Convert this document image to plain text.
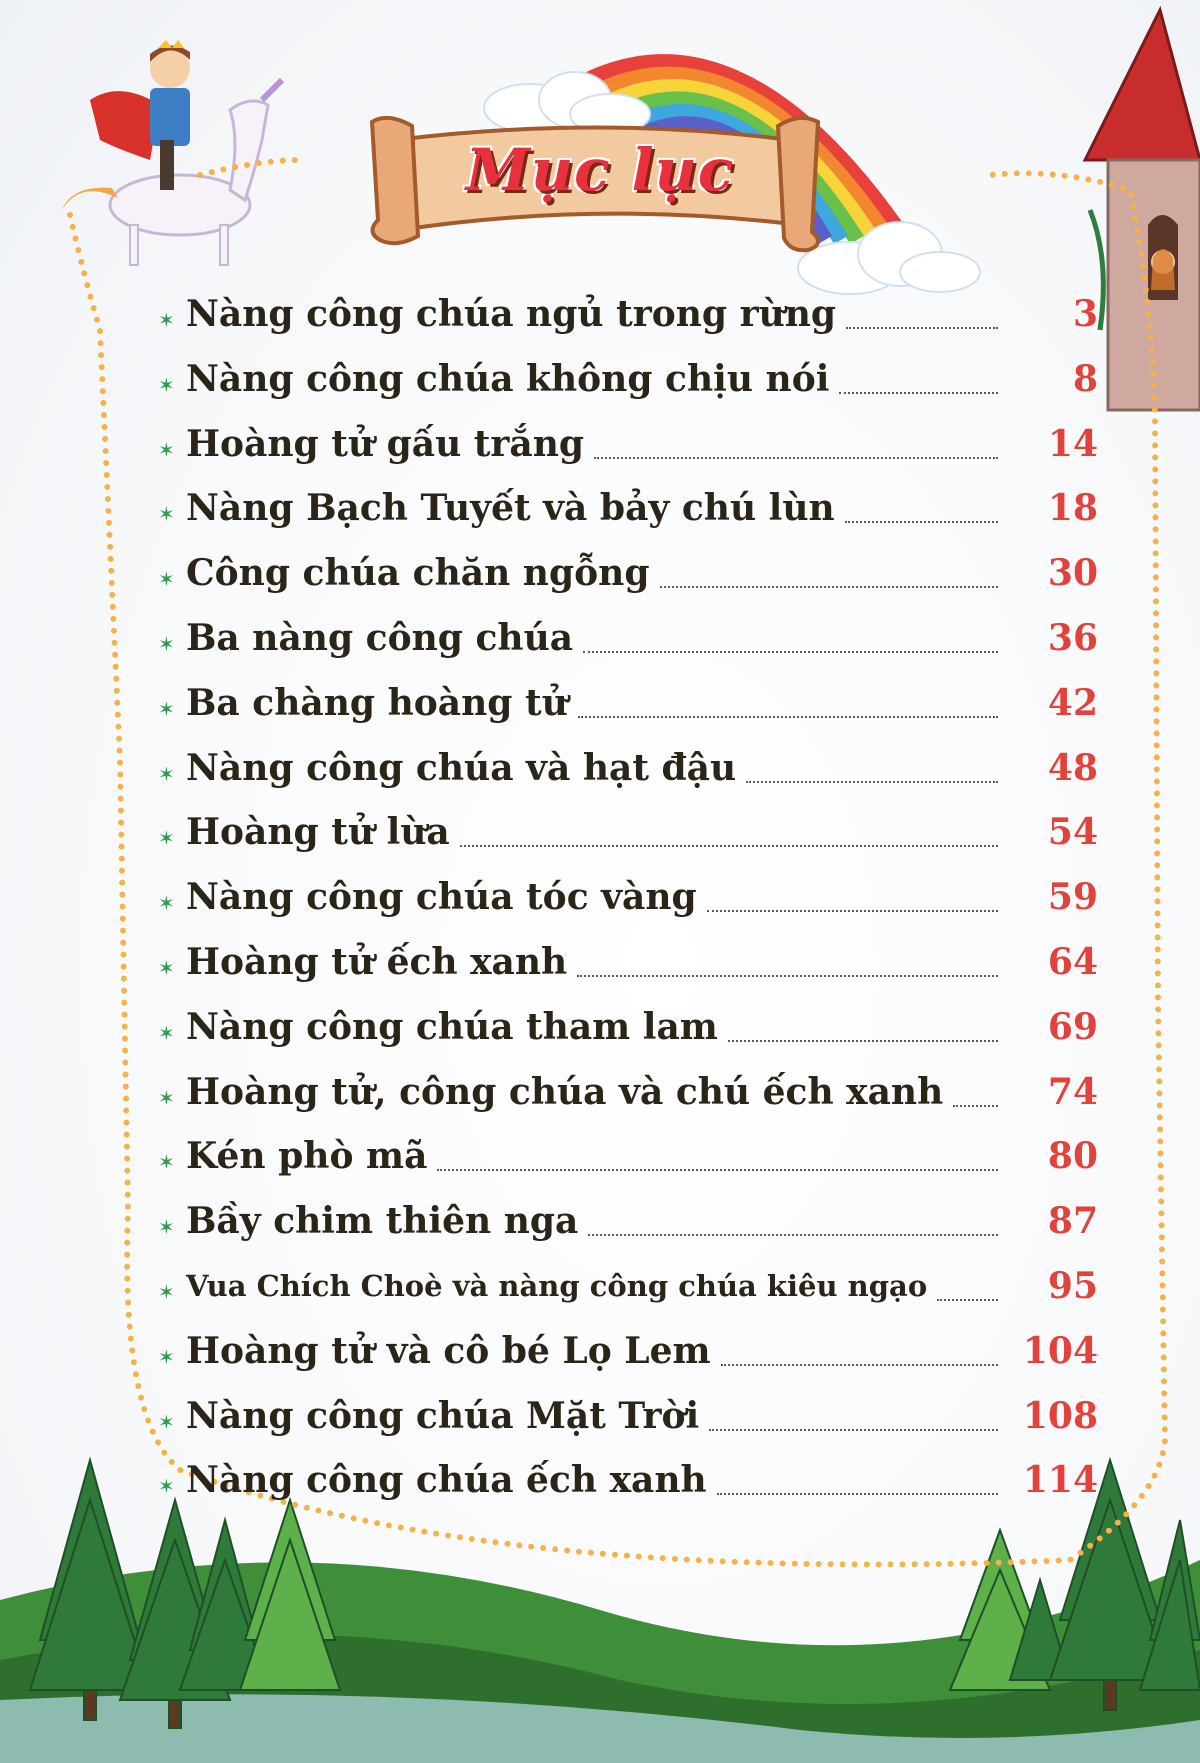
Mục lục
✶ Nàng công chúa ngủ trong rừng	3
✶ Nàng công chúa không chịu nói	8
✶ Hoàng tử gấu trắng	14
✶ Nàng Bạch Tuyết và bảy chú lùn	18
✶ Công chúa chăn ngỗng	30
✶ Ba nàng công chúa	36
✶ Ba chàng hoàng tử	42
✶ Nàng công chúa và hạt đậu	48
✶ Hoàng tử lừa	54
✶ Nàng công chúa tóc vàng	59
✶ Hoàng tử ếch xanh	64
✶ Nàng công chúa tham lam	69
✶ Hoàng tử, công chúa và chú ếch xanh	74
✶ Kén phò mã	80
✶ Bầy chim thiên nga	87
✶ Vua Chích Choè và nàng công chúa kiêu ngạo	95
✶ Hoàng tử và cô bé Lọ Lem	104
✶ Nàng công chúa Mặt Trời	108
✶ Nàng công chúa ếch xanh	114
